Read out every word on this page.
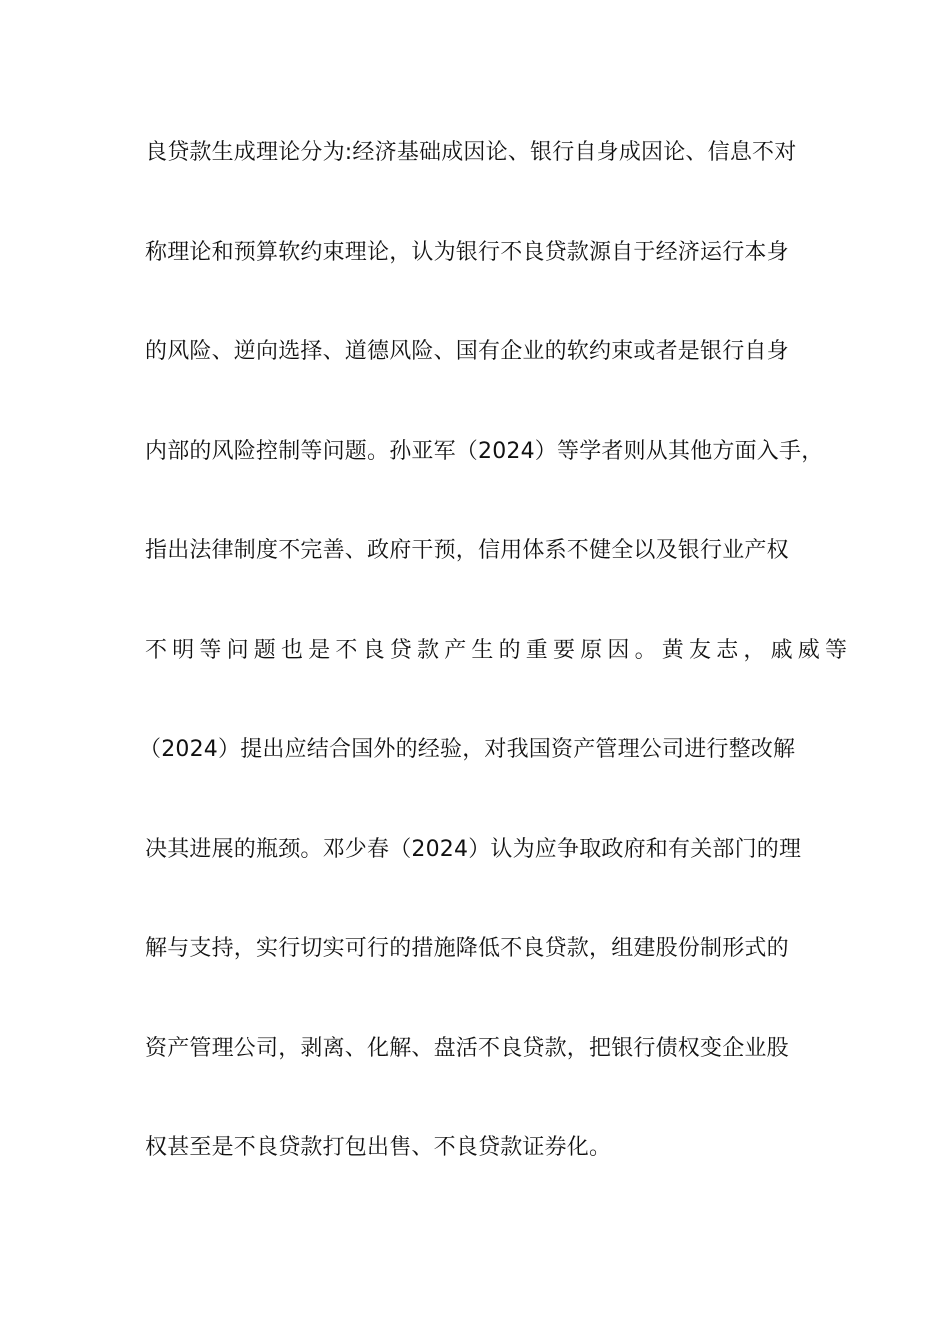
良贷款生成理论分为:经济基础成因论、银行自身成因论、信息不对
称理论和预算软约束理论，认为银行不良贷款源自于经济运行本身
的风险、逆向选择、道德风险、国有企业的软约束或者是银行自身
内部的风险控制等问题。孙亚军（2024）等学者则从其他方面入手，
指出法律制度不完善、政府干预，信用体系不健全以及银行业产权
不明等问题也是不良贷款产生的重要原因。黄友志，戚威等
（2024）提出应结合国外的经验，对我国资产管理公司进行整改解
决其进展的瓶颈。邓少春（2024）认为应争取政府和有关部门的理
解与支持，实行切实可行的措施降低不良贷款，组建股份制形式的
资产管理公司，剥离、化解、盘活不良贷款，把银行债权变企业股
权甚至是不良贷款打包出售、不良贷款证券化。
